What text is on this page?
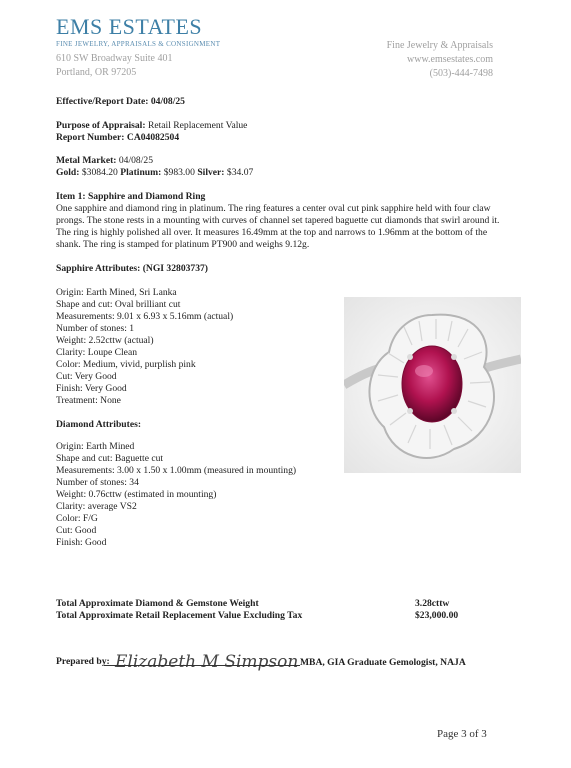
EMS ESTATES
FINE JEWELRY, APPRAISALS & CONSIGNMENT
610 SW Broadway Suite 401
Portland, OR 97205
Fine Jewelry & Appraisals
www.emsestates.com
(503)-444-7498
Effective/Report Date: 04/08/25
Purpose of Appraisal: Retail Replacement Value
Report Number: CA04082504
Metal Market: 04/08/25
Gold: $3084.20 Platinum: $983.00 Silver: $34.07
Item 1: Sapphire and Diamond Ring
One sapphire and diamond ring in platinum. The ring features a center oval cut pink sapphire held with four claw prongs. The stone rests in a mounting with curves of channel set tapered baguette cut diamonds that swirl around it. The ring is highly polished all over. It measures 16.49mm at the top and narrows to 1.96mm at the bottom of the shank. The ring is stamped for platinum PT900 and weighs 9.12g.
Sapphire Attributes: (NGI 32803737)
Origin: Earth Mined, Sri Lanka
Shape and cut: Oval brilliant cut
Measurements: 9.01 x 6.93 x 5.16mm (actual)
Number of stones: 1
Weight: 2.52cttw (actual)
Clarity: Loupe Clean
Color: Medium, vivid, purplish pink
Cut: Very Good
Finish: Very Good
Treatment: None
Diamond Attributes:
Origin: Earth Mined
Shape and cut: Baguette cut
Measurements: 3.00 x 1.50 x 1.00mm (measured in mounting)
Number of stones: 34
Weight: 0.76cttw (estimated in mounting)
Clarity: average VS2
Color: F/G
Cut: Good
Finish: Good
Total Approximate Diamond & Gemstone Weight	3.28cttw
Total Approximate Retail Replacement Value Excluding Tax	$23,000.00
Prepared by: Elizabeth M Simpson MBA, GIA Graduate Gemologist, NAJA
Page 3 of 3
